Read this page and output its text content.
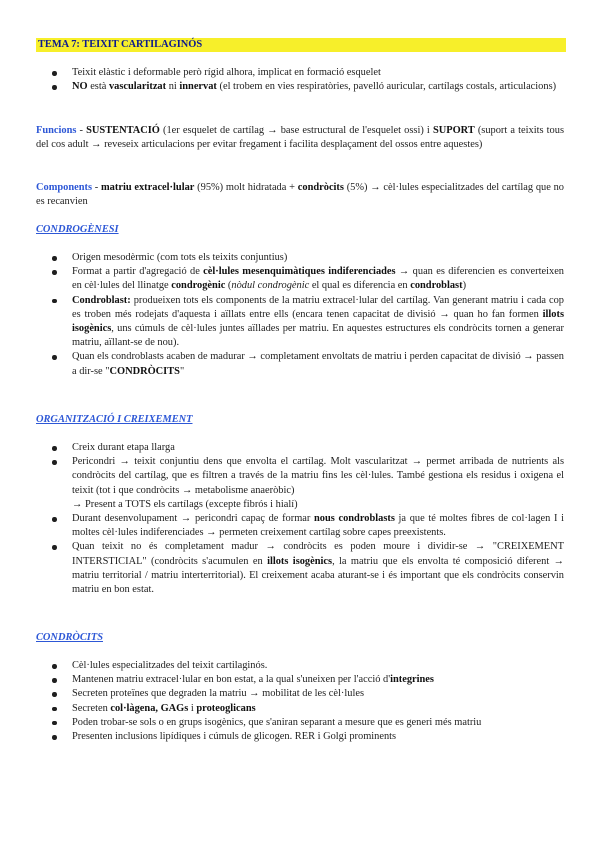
TEMA 7: TEIXIT CARTILAGINÓS
Teixit elàstic i deformable però rígid alhora, implicat en formació esquelet
NO està vascularitzat ni innervat (el trobem en vies respiratòries, pavelló auricular, cartílags costals, articulacions)

Funcions - SUSTENTACIÓ (1er esquelet de cartílag → base estructural de l'esquelet ossi) i SUPORT (suport a teixits tous del cos adult → reveseix articulacions per evitar fregament i facilita desplaçament del ossos entre aquestes)

Components - matriu extracel·lular (95%) molt hidratada + condròcits (5%) → cèl·lules especialitzades del cartílag que no es recanvien

CONDROGÈNESI
Origen mesodèrmic (com tots els teixits conjuntius)
Format a partir d'agregació de cèl·lules mesenquimàtiques indiferenciades → quan es diferencien es converteixen en cèl·lules del llinatge condrogènic (nòdul condrogènic el qual es diferencia en condroblast)
Condroblast: produeixen tots els components de la matriu extracel·lular del cartílag. Van generant matriu i cada cop es troben més rodejats d'aquesta i aïllats entre ells (encara tenen capacitat de divisió → quan ho fan formen illots isogènics, uns cúmuls de cèl·lules juntes aïllades per matriu. En aquestes estructures els condròcits tornen a generar matriu, aïllant-se de nou).
Quan els condroblasts acaben de madurar → completament envoltats de matriu i perden capacitat de divisió → passen a dir-se "CONDRÒCITS"
ORGANITZACIÓ I CREIXEMENT
Creix durant etapa llarga
Pericondri → teixit conjuntiu dens que envolta el cartílag. Molt vascularitzat → permet arribada de nutrients als condròcits del cartílag, que es filtren a través de la matriu fins les cèl·lules. També gestiona els residus i oxigena el teixit (tot i que condròcits → metabolisme anaeròbic)
→ Present a TOTS els cartílags (excepte fibrós i hialí)
Durant desenvolupament → pericondri capaç de formar nous condroblasts ja que té moltes fibres de col·lagen I i moltes cèl·lules indiferenciades → permeten creixement cartílag sobre capes preexistents.
Quan teixit no és completament madur → condròcits es poden moure i dividir-se → "CREIXEMENT INTERSTICIAL" (condròcits s'acumulen en illots isogènics, la matriu que els envolta té composició diferent → matriu territorial / matriu interterritorial). El creixement acaba aturant-se i és important que els condròcits conservin matriu en bon estat.
CONDRÒCITS
Cèl·lules especialitzades del teixit cartilaginós.
Mantenen matriu extracel·lular en bon estat, a la qual s'uneixen per l'acció d'integrines
Secreten proteïnes que degraden la matriu → mobilitat de les cèl·lules
Secreten col·làgena, GAGs i proteoglicans
Poden trobar-se sols o en grups isogènics, que s'aniran separant a mesure que es generi més matriu
Presenten inclusions lipídiques i cúmuls de glicogen. RER i Golgi prominents
